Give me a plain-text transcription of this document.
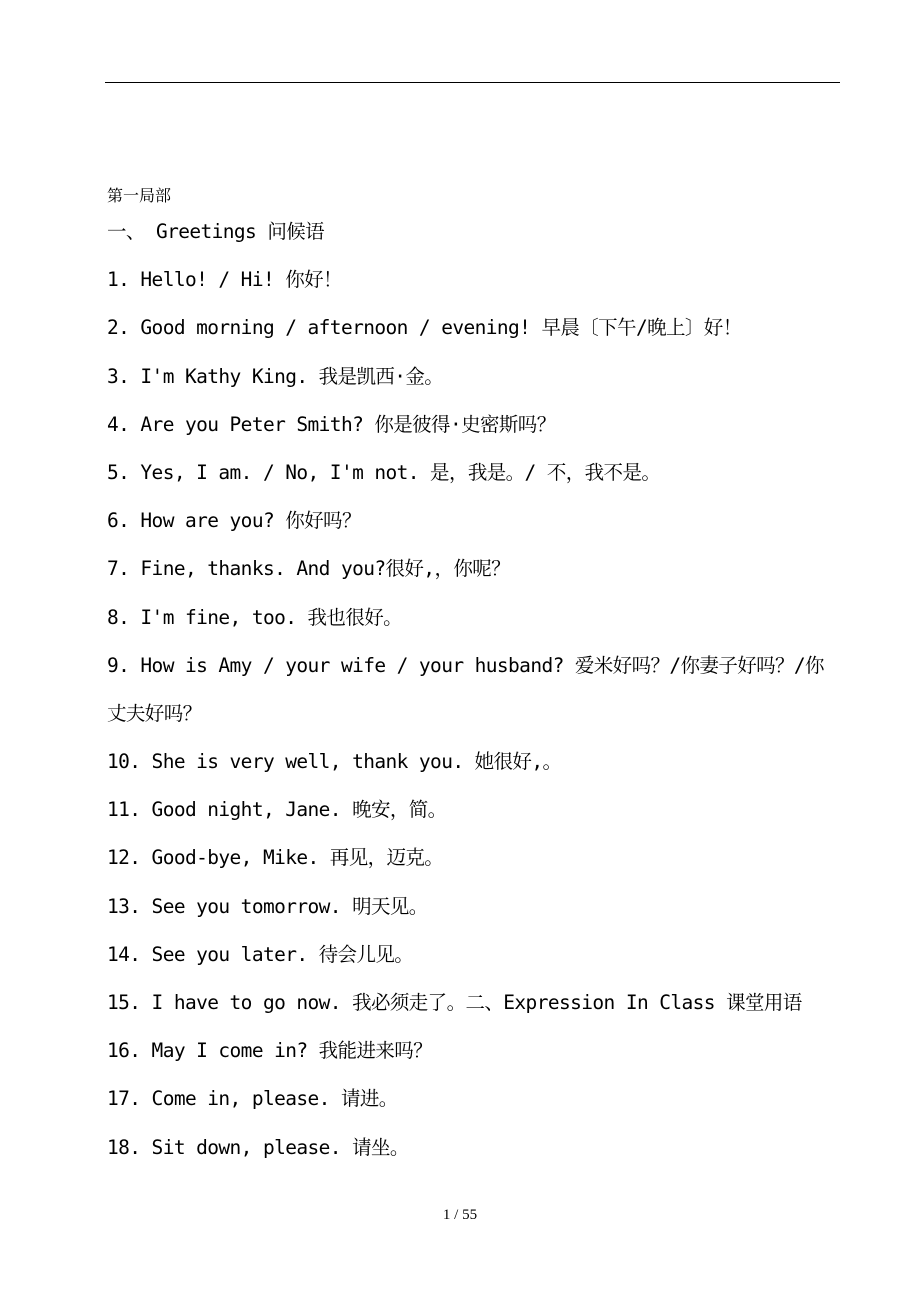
第一局部
一、 Greetings 问候语
1. Hello! / Hi! 你好！
2. Good morning / afternoon / evening! 早晨〔下午/晚上〕好！
3. I'm Kathy King. 我是凯西·金。
4. Are you Peter Smith? 你是彼得·史密斯吗？
5. Yes, I am. / No, I'm not. 是，我是。/ 不，我不是。
6. How are you? 你好吗？
7. Fine, thanks. And you?很好,，你呢？
8. I'm fine, too. 我也很好。
9. How is Amy / your wife / your husband? 爱米好吗？/你妻子好吗？/你
丈夫好吗？
10. She is very well, thank you. 她很好,。
11. Good night, Jane. 晚安，简。
12. Good-bye, Mike. 再见，迈克。
13. See you tomorrow. 明天见。
14. See you later. 待会儿见。
15. I have to go now. 我必须走了。二、Expression In Class 课堂用语
16. May I come in? 我能进来吗？
17. Come in, please. 请进。
18. Sit down, please. 请坐。
1 / 55
